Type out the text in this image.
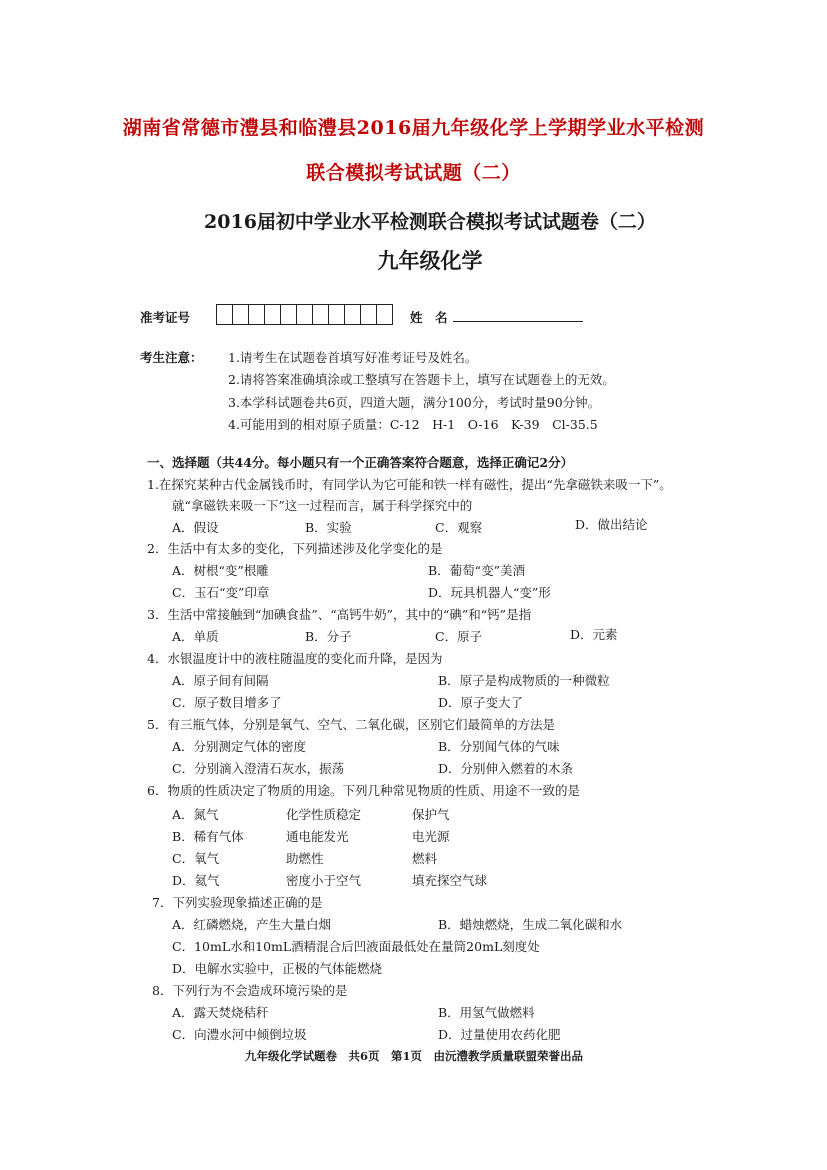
湖南省常德市澧县和临澧县2016届九年级化学上学期学业水平检测
联合模拟考试试题（二）
2016届初中学业水平检测联合模拟考试试题卷（二）
九年级化学
准考证号	姓　名
考生注意： 1.请考生在试题卷首填写好准考证号及姓名。
2.请将答案准确填涂或工整填写在答题卡上，填写在试题卷上的无效。
3.本学科试题卷共6页，四道大题，满分100分，考试时量90分钟。
4.可能用到的相对原子质量：C-12　H-1　O-16　K-39　Cl-35.5
一、选择题（共44分。每小题只有一个正确答案符合题意，选择正确记2分）
1.在探究某种古代金属钱币时，有同学认为它可能和铁一样有磁性，提出“先拿磁铁来吸一下”。
就“拿磁铁来吸一下”这一过程而言，属于科学探究中的
A．假设	B．实验	C．观察	D．做出结论
2．生活中有太多的变化，下列描述涉及化学变化的是
A．树根“变”根雕	B．葡萄“变”美酒
C．玉石“变”印章	D．玩具机器人“变”形
3．生活中常接触到“加碘食盐”、“高钙牛奶”，其中的“碘”和“钙”是指
A．单质	B．分子	C．原子	D．元素
4．水银温度计中的液柱随温度的变化而升降，是因为
A．原子间有间隔	B．原子是构成物质的一种微粒
C．原子数目增多了	D．原子变大了
5．有三瓶气体，分别是氧气、空气、二氧化碳，区别它们最简单的方法是
A．分别测定气体的密度	B．分别闻气体的气味
C．分别滴入澄清石灰水，振荡	D．分别伸入燃着的木条
6．物质的性质决定了物质的用途。下列几种常见物质的性质、用途不一致的是
A．氮气	化学性质稳定	保护气
B．稀有气体	通电能发光	电光源
C．氧气	助燃性	燃料
D．氦气	密度小于空气	填充探空气球
7．下列实验现象描述正确的是
A．红磷燃烧，产生大量白烟	B．蜡烛燃烧，生成二氧化碳和水
C．10mL水和10mL酒精混合后凹液面最低处在量筒20mL刻度处
D．电解水实验中，正极的气体能燃烧
8．下列行为不会造成环境污染的是
A．露天焚烧秸秆	B．用氢气做燃料
C．向澧水河中倾倒垃圾	D．过量使用农药化肥
九年级化学试题卷　共6页　第1页　由沅澧教学质量联盟荣誉出品
